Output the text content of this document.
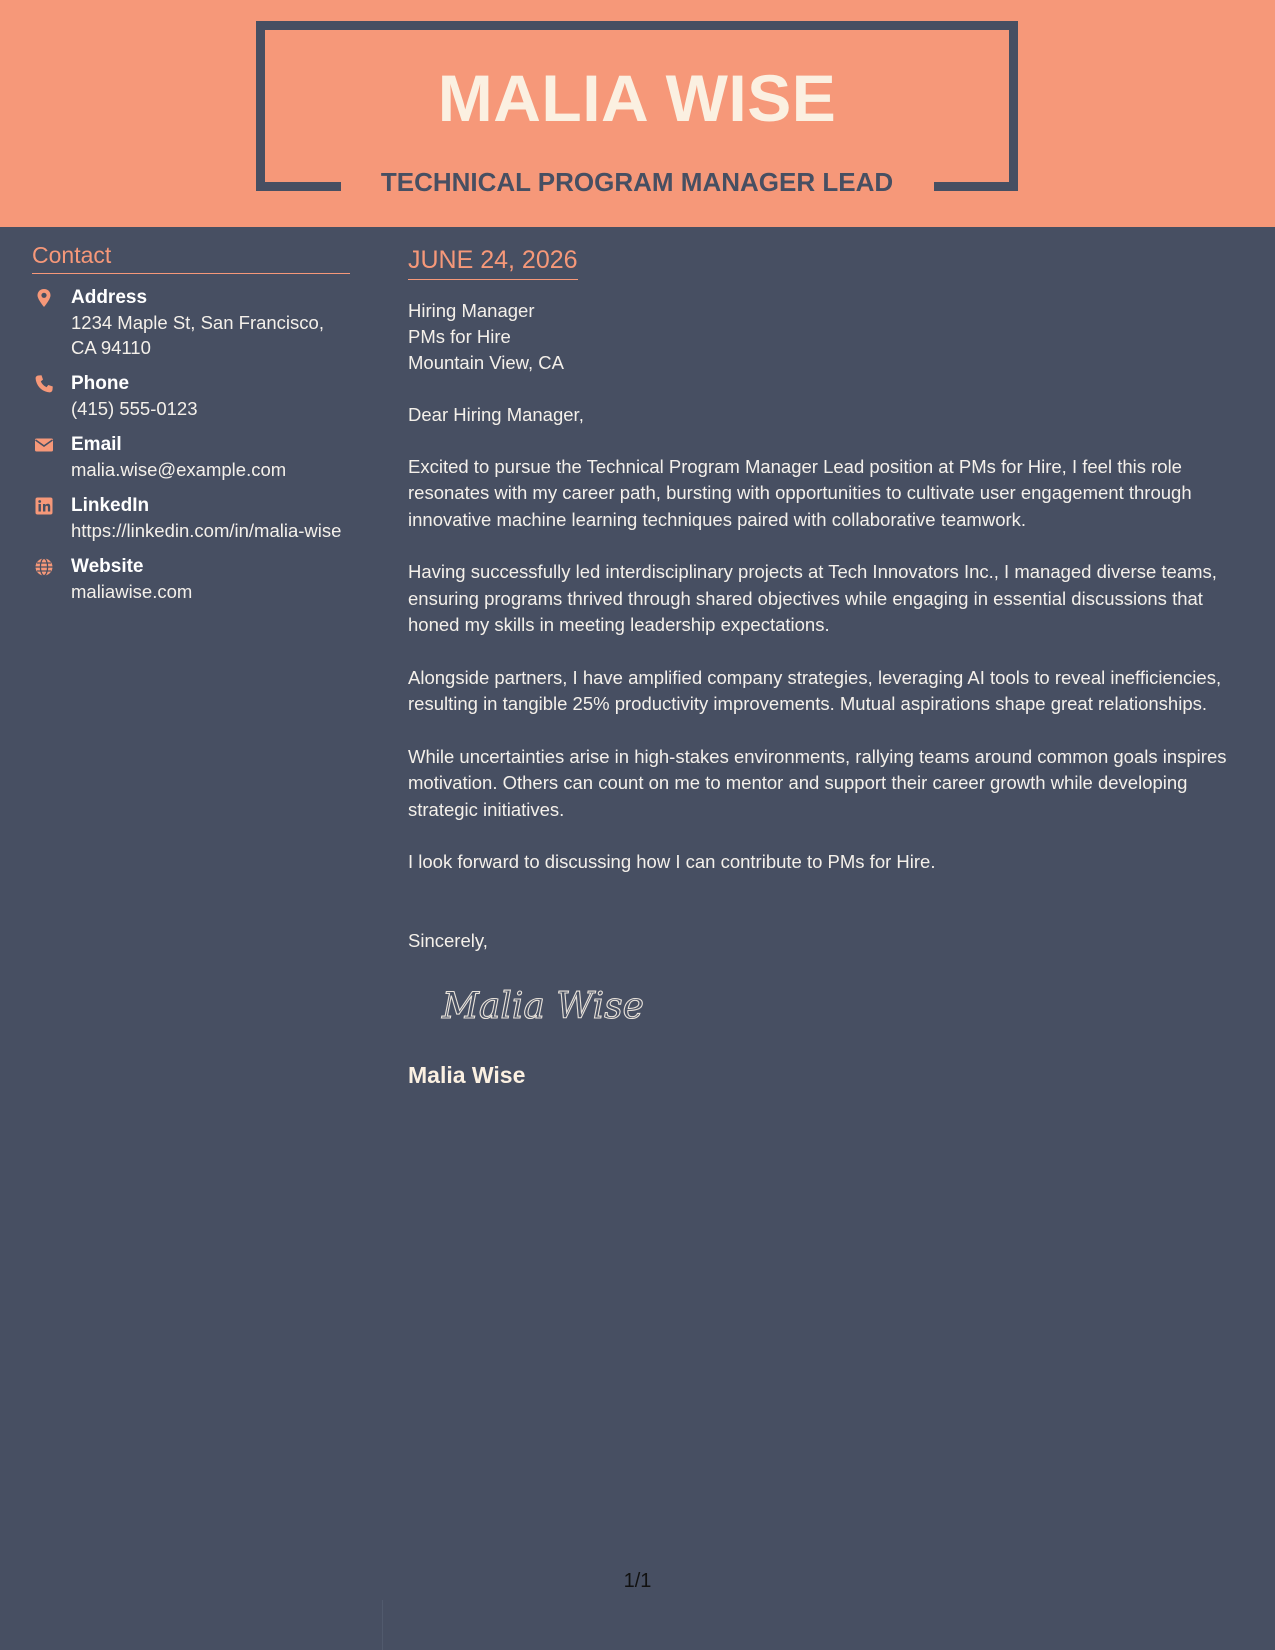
MALIA WISE
TECHNICAL PROGRAM MANAGER LEAD
Contact
Address
1234 Maple St, San Francisco, CA 94110
Phone
(415) 555-0123
Email
malia.wise@example.com
LinkedIn
https://linkedin.com/in/malia-wise
Website
maliawise.com
JUNE 24, 2026
Hiring Manager
PMs for Hire
Mountain View, CA

Dear Hiring Manager,

Excited to pursue the Technical Program Manager Lead position at PMs for Hire, I feel this role resonates with my career path, bursting with opportunities to cultivate user engagement through innovative machine learning techniques paired with collaborative teamwork.

Having successfully led interdisciplinary projects at Tech Innovators Inc., I managed diverse teams, ensuring programs thrived through shared objectives while engaging in essential discussions that honed my skills in meeting leadership expectations.

Alongside partners, I have amplified company strategies, leveraging AI tools to reveal inefficiencies, resulting in tangible 25% productivity improvements. Mutual aspirations shape great relationships.

While uncertainties arise in high-stakes environments, rallying teams around common goals inspires motivation. Others can count on me to mentor and support their career growth while developing strategic initiatives.

I look forward to discussing how I can contribute to PMs for Hire.

Sincerely,

Malia Wise
Malia Wise
1/1
